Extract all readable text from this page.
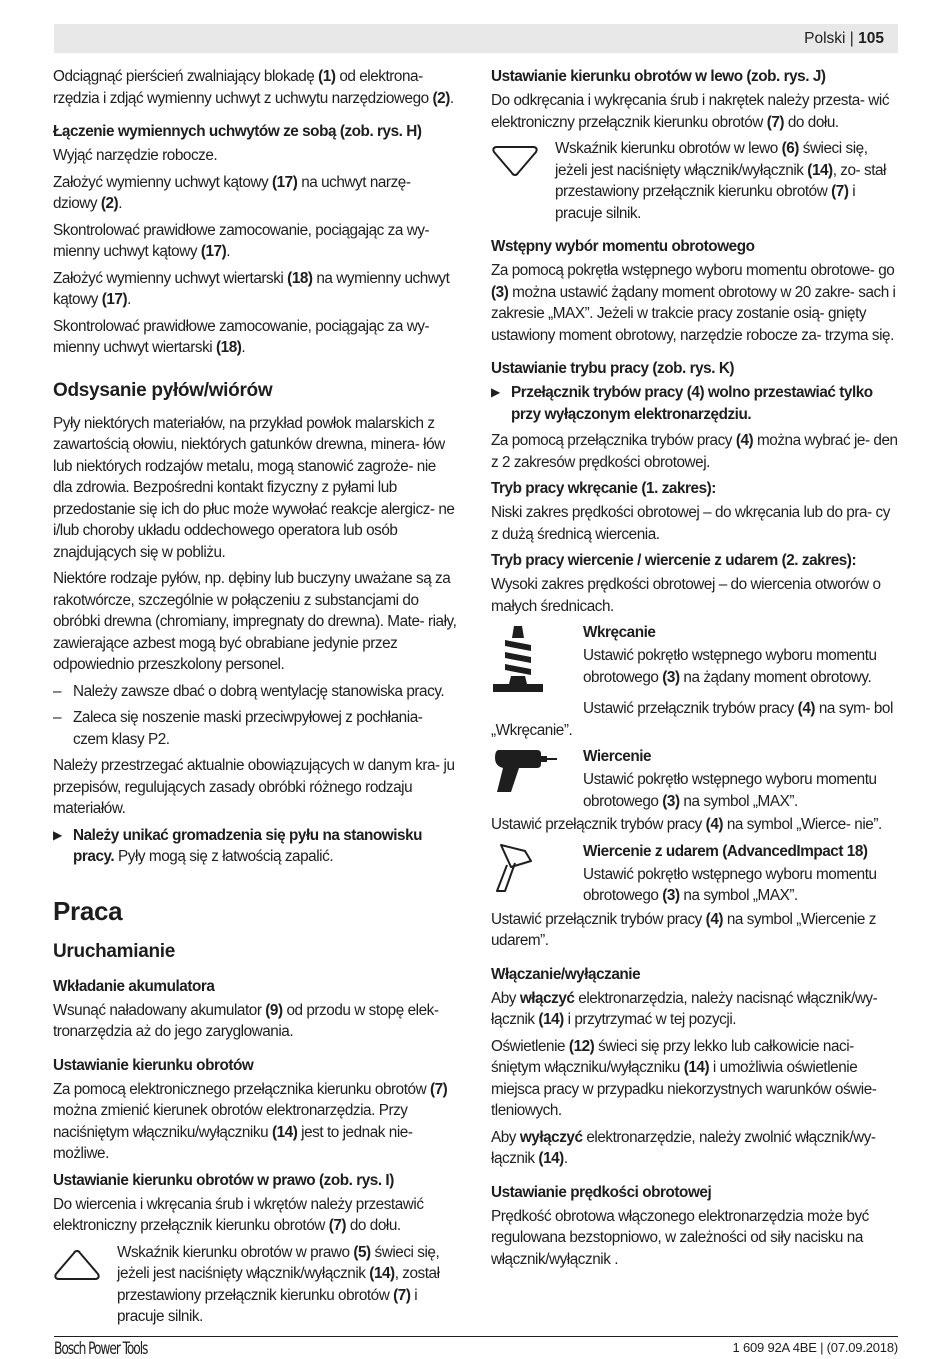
Polski | 105

Odciągnąć pierścień zwalniający blokadę (1) od elektrona- rzędzia i zdjąć wymienny uchwyt z uchwytu narzędziowego (2).

Łączenie wymiennych uchwytów ze sobą (zob. rys. H)

Wyjąć narzędzie robocze.

Założyć wymienny uchwyt kątowy (17) na uchwyt narzę- dziowy (2).

Skontrolować prawidłowe zamocowanie, pociągając za wy- mienny uchwyt kątowy (17).

Założyć wymienny uchwyt wiertarski (18) na wymienny uchwyt kątowy (17).

Skontrolować prawidłowe zamocowanie, pociągając za wy- mienny uchwyt wiertarski (18).

Odsysanie pyłów/wiórów

Pyły niektórych materiałów, na przykład powłok malarskich z zawartością ołowiu, niektórych gatunków drewna, minera- łów lub niektórych rodzajów metalu, mogą stanowić zagroże- nie dla zdrowia. Bezpośredni kontakt fizyczny z pyłami lub przedostanie się ich do płuc może wywołać reakcje alergicz- ne i/lub choroby układu oddechowego operatora lub osób znajdujących się w pobliżu.

Niektóre rodzaje pyłów, np. dębiny lub buczyny uważane są za rakotwórcze, szczególnie w połączeniu z substancjami do obróbki drewna (chromiany, impregnaty do drewna). Mate- riały, zawierające azbest mogą być obrabiane jedynie przez odpowiednio przeszkolony personel.

– Należy zawsze dbać o dobrą wentylację stanowiska pracy.
– Zaleca się noszenie maski przeciwpyłowej z pochłania- czem klasy P2.

Należy przestrzegać aktualnie obowiązujących w danym kra- ju przepisów, regulujących zasady obróbki różnego rodzaju materiałów.

▶ Należy unikać gromadzenia się pyłu na stanowisku pracy. Pyły mogą się z łatwością zapalić.
Praca
Uruchamianie
Wkładanie akumulatora

Wsunąć naładowany akumulator (9) od przodu w stopę elek- tronarzędzia aż do jego zaryglowania.

Ustawianie kierunku obrotów

Za pomocą elektronicznego przełącznika kierunku obrotów (7) można zmienić kierunek obrotów elektronarzędzia. Przy naciśniętym włączniku/wyłączniku (14) jest to jednak nie- możliwe.

Ustawianie kierunku obrotów w prawo (zob. rys. I)

Do wiercenia i wkręcania śrub i wkrętów należy przestawić elektroniczny przełącznik kierunku obrotów (7) do dołu.

Wskaźnik kierunku obrotów w prawo (5) świeci się, jeżeli jest naciśnięty włącznik/wyłącznik (14), został przestawiony przełącznik kierunku obrotów (7) i pracuje silnik.
Ustawianie kierunku obrotów w lewo (zob. rys. J)

Do odkręcania i wykręcania śrub i nakrętek należy przesta- wić elektroniczny przełącznik kierunku obrotów (7) do dołu.

Wskaźnik kierunku obrotów w lewo (6) świeci się, jeżeli jest naciśnięty włącznik/wyłącznik (14), zo- stał przestawiony przełącznik kierunku obrotów (7) i pracuje silnik.
Wstępny wybór momentu obrotowego

Za pomocą pokrętła wstępnego wyboru momentu obrotowe- go (3) można ustawić żądany moment obrotowy w 20 zakre- sach i zakresie „MAX”. Jeżeli w trakcie pracy zostanie osią- gnięty ustawiony moment obrotowy, narzędzie robocze za- trzyma się.

Ustawianie trybu pracy (zob. rys. K)
▶ Przełącznik trybów pracy (4) wolno przestawiać tylko przy wyłączonym elektronarzędziu.

Za pomocą przełącznika trybów pracy (4) można wybrać je- den z 2 zakresów prędkości obrotowej.

Tryb pracy wkręcanie (1. zakres):

Niski zakres prędkości obrotowej – do wkręcania lub do pra- cy z dużą średnicą wiercenia.

Tryb pracy wiercenie / wiercenie z udarem (2. zakres):

Wysoki zakres prędkości obrotowej – do wiercenia otworów o małych średnicach.

Wkręcanie

Ustawić pokrętło wstępnego wyboru momentu obrotowego (3) na żądany moment obrotowy.

Ustawić przełącznik trybów pracy (4) na sym- bol „Wkręcanie”.

Wiercenie

Ustawić pokrętło wstępnego wyboru momentu obrotowego (3) na symbol „MAX”.

Ustawić przełącznik trybów pracy (4) na symbol „Wierce- nie”.

Wiercenie z udarem (AdvancedImpact 18)

Ustawić pokrętło wstępnego wyboru momentu obrotowego (3) na symbol „MAX”.

Ustawić przełącznik trybów pracy (4) na symbol „Wiercenie z udarem”.

Włączanie/wyłączanie

Aby włączyć elektronarzędzia, należy nacisnąć włącznik/wy- łącznik (14) i przytrzymać w tej pozycji.

Oświetlenie (12) świeci się przy lekko lub całkowicie naci- śniętym włączniku/wyłączniku (14) i umożliwia oświetlenie miejsca pracy w przypadku niekorzystnych warunków oświe- tleniowych.

Aby wyłączyć elektronarzędzie, należy zwolnić włącznik/wy- łącznik (14).

Ustawianie prędkości obrotowej

Prędkość obrotowa włączonego elektronarzędzia może być regulowana bezstopniowo, w zależności od siły nacisku na włącznik/wyłącznik .

Bosch Power Tools	1 609 92A 4BE | (07.09.2018)
